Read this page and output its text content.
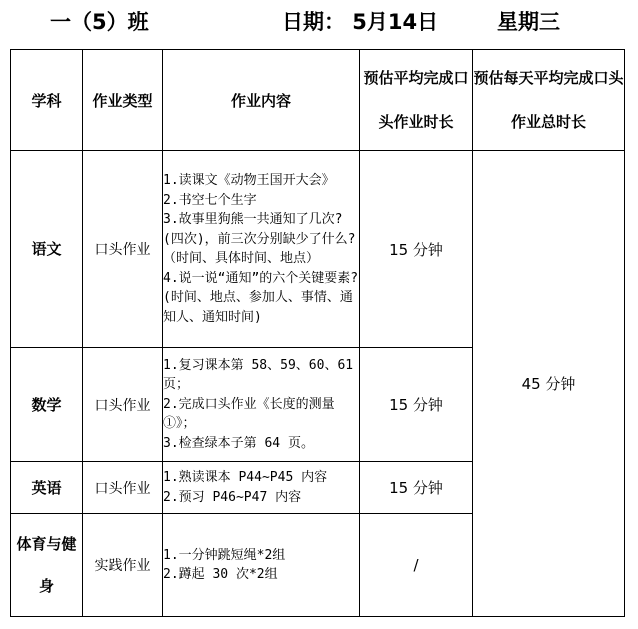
一（5）班	日期： 5月14日	星期三
学科	作业类型	作业内容	预估平均完成口头作业时长	预估每天平均完成口头作业总时长
语文	口头作业	1.读课文《动物王国开大会》
2.书空七个生字
3.故事里狗熊一共通知了几次?(四次)，前三次分别缺少了什么?（时间、具体时间、地点）
4.说一说“通知”的六个关键要素?(时间、地点、参加人、事情、通知人、通知时间)	15 分钟	45 分钟
数学	口头作业	1.复习课本第 58、59、60、61 页；
2.完成口头作业《长度的测量①》；
3.检查绿本子第 64 页。	15 分钟	
英语	口头作业	1.熟读课本 P44~P45 内容
2.预习 P46~P47 内容	15 分钟	
体育与健身	实践作业	1.一分钟跳短绳*2组
2.蹲起 30 次*2组	/	
